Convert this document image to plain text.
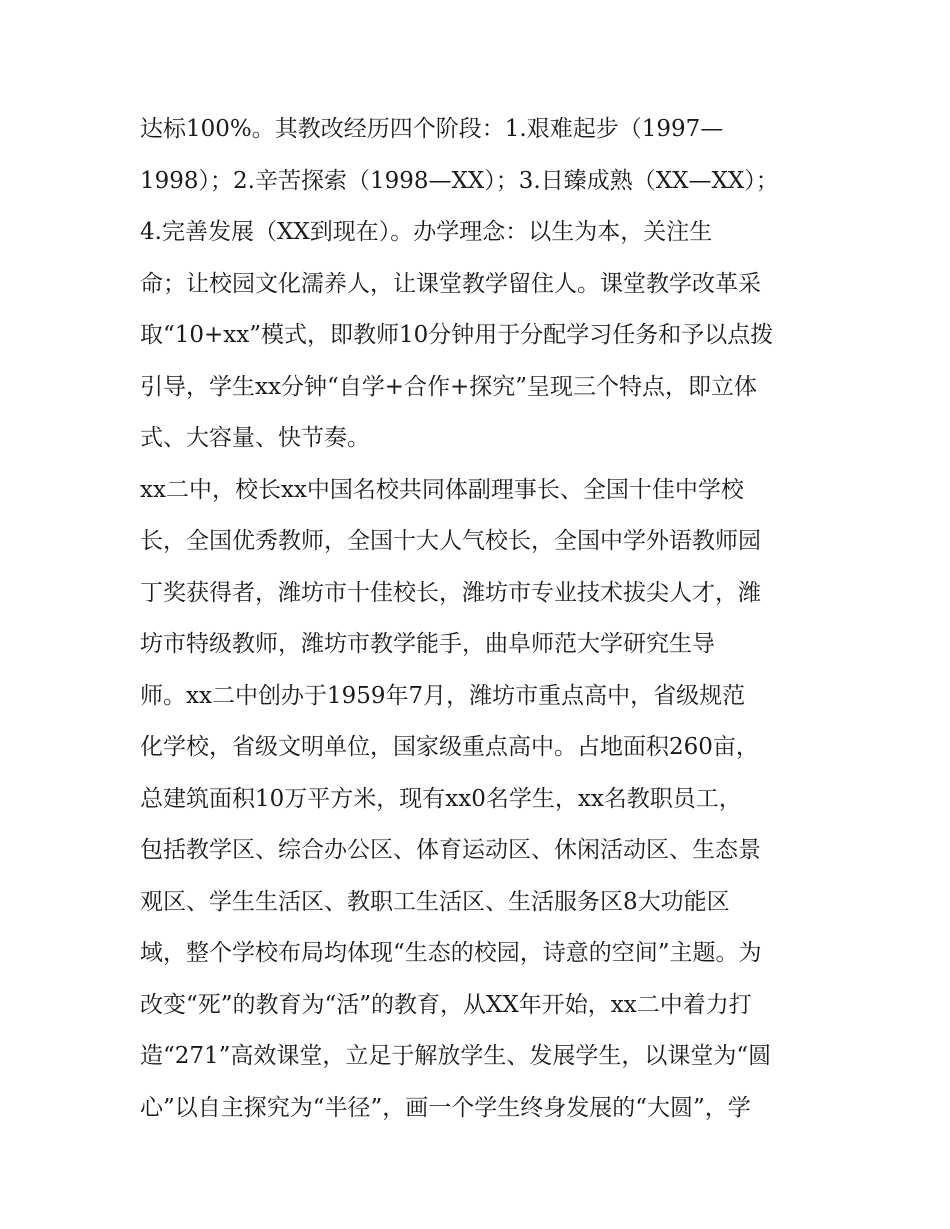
达标100%。其教改经历四个阶段：1.艰难起步（1997—
1998）；2.辛苦探索（1998—XX）；3.日臻成熟（XX—XX）；
4.完善发展（XX到现在）。办学理念：以生为本，关注生
命；让校园文化濡养人，让课堂教学留住人。课堂教学改革采
取“10+xx”模式，即教师10分钟用于分配学习任务和予以点拨
引导，学生xx分钟“自学+合作+探究”呈现三个特点，即立体
式、大容量、快节奏。
xx二中，校长xx中国名校共同体副理事长、全国十佳中学校
长，全国优秀教师，全国十大人气校长，全国中学外语教师园
丁奖获得者，潍坊市十佳校长，潍坊市专业技术拔尖人才，潍
坊市特级教师，潍坊市教学能手，曲阜师范大学研究生导
师。xx二中创办于1959年7月，潍坊市重点高中，省级规范
化学校，省级文明单位，国家级重点高中。占地面积260亩，
总建筑面积10万平方米，现有xx0名学生，xx名教职员工，
包括教学区、综合办公区、体育运动区、休闲活动区、生态景
观区、学生生活区、教职工生活区、生活服务区8大功能区
域，整个学校布局均体现“生态的校园，诗意的空间”主题。为
改变“死”的教育为“活”的教育，从XX年开始，xx二中着力打
造“271”高效课堂，立足于解放学生、发展学生，以课堂为“圆
心”以自主探究为“半径”，画一个学生终身发展的“大圆”，学
